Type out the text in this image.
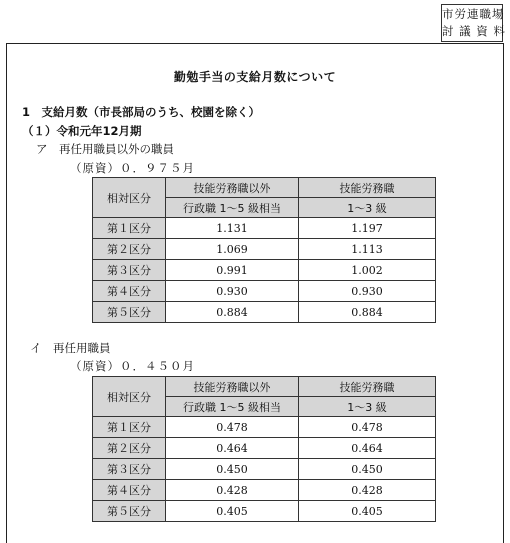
市労連職場
討 議 資 料
勤勉手当の支給月数について
1　支給月数（市長部局のうち、校園を除く）
（１）令和元年12月期
ア　再任用職員以外の職員
（原資）０．９７５月
相対区分	技能労務職以外	技能労務職
	行政職 1～5 級相当	1～3 級
第１区分	1.131	1.197
第２区分	1.069	1.113
第３区分	0.991	1.002
第４区分	0.930	0.930
第５区分	0.884	0.884
イ　再任用職員
（原資）０．４５０月
相対区分	技能労務職以外	技能労務職
	行政職 1～5 級相当	1～3 級
第１区分	0.478	0.478
第２区分	0.464	0.464
第３区分	0.450	0.450
第４区分	0.428	0.428
第５区分	0.405	0.405
